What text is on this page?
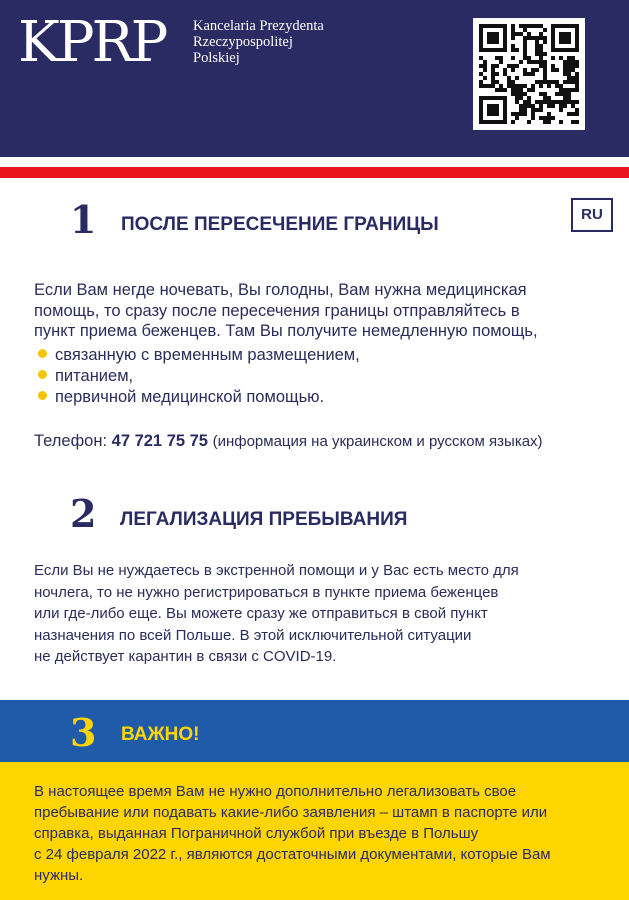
KPRP Kancelaria Prezydenta
Rzeczypospolitej
Polskiej
1 ПОСЛЕ ПЕРЕСЕЧЕНИЕ ГРАНИЦЫ	RU
Если Вам негде ночевать, Вы голодны, Вам нужна медицинская
помощь, то сразу после пересечения границы отправляйтесь в
пункт приема беженцев. Там Вы получите немедленную помощь,
связанную с временным размещением,
питанием,
первичной медицинской помощью.
Телефон: 47 721 75 75 (информация на украинском и русском языках)
2 ЛЕГАЛИЗАЦИЯ ПРЕБЫВАНИЯ
Если Вы не нуждаетесь в экстренной помощи и у Вас есть место для
ночлега, то не нужно регистрироваться в пункте приема беженцев
или где-либо еще. Вы можете сразу же отправиться в свой пункт
назначения по всей Польше. В этой исключительной ситуации
не действует карантин в связи с COVID-19.
3 ВАЖНО!
В настоящее время Вам не нужно дополнительно легализовать свое
пребывание или подавать какие-либо заявления – штамп в паспорте или
справка, выданная Пограничной службой при въезде в Польшу
с 24 февраля 2022 г., являются достаточными документами, которые Вам
нужны.
